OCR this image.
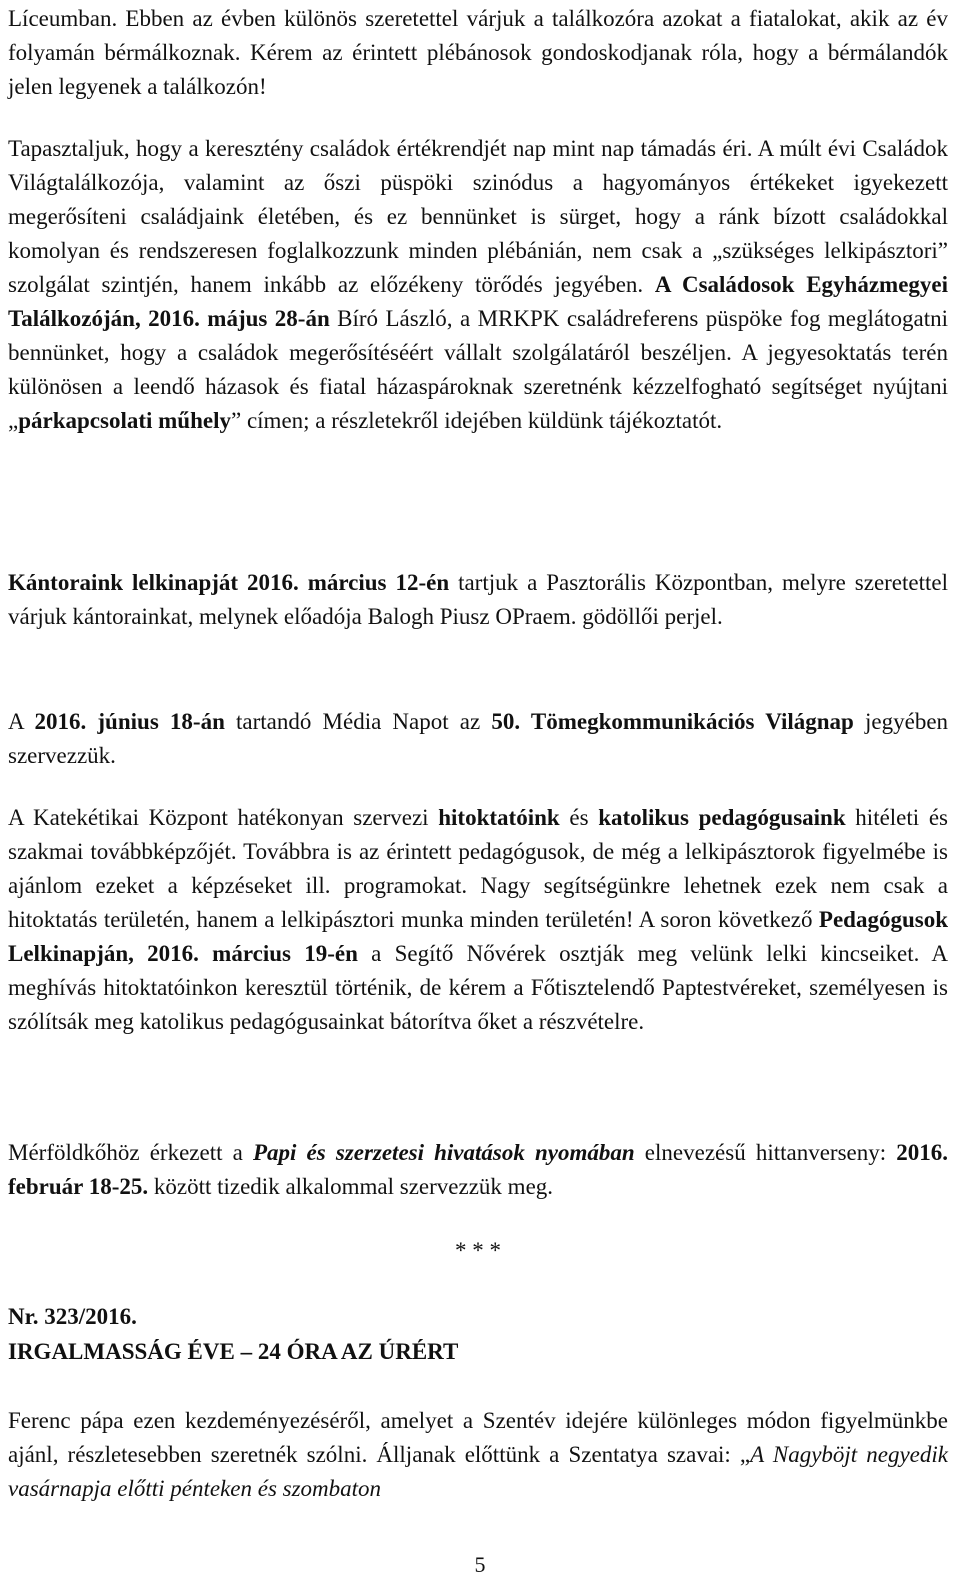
Líceumban. Ebben az évben különös szeretettel várjuk a találkozóra azokat a fiatalokat, akik az év folyamán bérmálkoznak. Kérem az érintett plébánosok gondoskodjanak róla, hogy a bérmálandók jelen legyenek a találkozón!

Tapasztaljuk, hogy a keresztény családok értékrendjét nap mint nap támadás éri. A múlt évi Családok Világtalálkozója, valamint az őszi püspöki szinódus a hagyományos értékeket igyekezett megerősíteni családjaink életében, és ez bennünket is sürget, hogy a ránk bízott családokkal komolyan és rendszeresen foglalkozzunk minden plébánián, nem csak a „szükséges lelkipásztori” szolgálat szintjén, hanem inkább az előzékeny törődés jegyében. A Családosok Egyházmegyei Találkozóján, 2016. május 28-án Bíró László, a MRKPK családreferens püspöke fog meglátogatni bennünket, hogy a családok megerősítéséért vállalt szolgálatáról beszéljen. A jegyesoktatás terén különösen a leendő házasok és fiatal házaspároknak szeretnénk kézzelfogható segítséget nyújtani „párkapcsolati műhely” címen; a részletekről idejében küldünk tájékoztatót.

Kántoraink lelkinapját 2016. március 12-én tartjuk a Pasztorális Központban, melyre szeretettel várjuk kántorainkat, melynek előadója Balogh Piusz OPraem. gödöllői perjel.

A 2016. június 18-án tartandó Média Napot az 50. Tömegkommunikációs Világnap jegyében szervezzük.

A Katekétikai Központ hatékonyan szervezi hitoktatóink és katolikus pedagógusaink hitéleti és szakmai továbbképzőjét. Továbbra is az érintett pedagógusok, de még a lelkipásztorok figyelmébe is ajánlom ezeket a képzéseket ill. programokat. Nagy segítségünkre lehetnek ezek nem csak a hitoktatás területén, hanem a lelkipásztori munka minden területén! A soron következő Pedagógusok Lelkinapján, 2016. március 19-én a Segítő Nővérek osztják meg velünk lelki kincseiket. A meghívás hitoktatóinkon keresztül történik, de kérem a Főtisztelendő Paptestvéreket, személyesen is szólítsák meg katolikus pedagógusainkat bátorítva őket a részvételre.

Mérföldkőhöz érkezett a Papi és szerzetesi hivatások nyomában elnevezésű hittanverseny: 2016. február 18-25. között tizedik alkalommal szervezzük meg.

* * *

Nr. 323/2016.

IRGALMASSÁG ÉVE – 24 ÓRA AZ ÚRÉRT

Ferenc pápa ezen kezdeményezéséről, amelyet a Szentév idejére különleges módon figyelmünkbe ajánl, részletesebben szeretnék szólni. Álljanak előttünk a Szentatya szavai: „A Nagyböjt negyedik vasárnapja előtti pénteken és szombaton

5
